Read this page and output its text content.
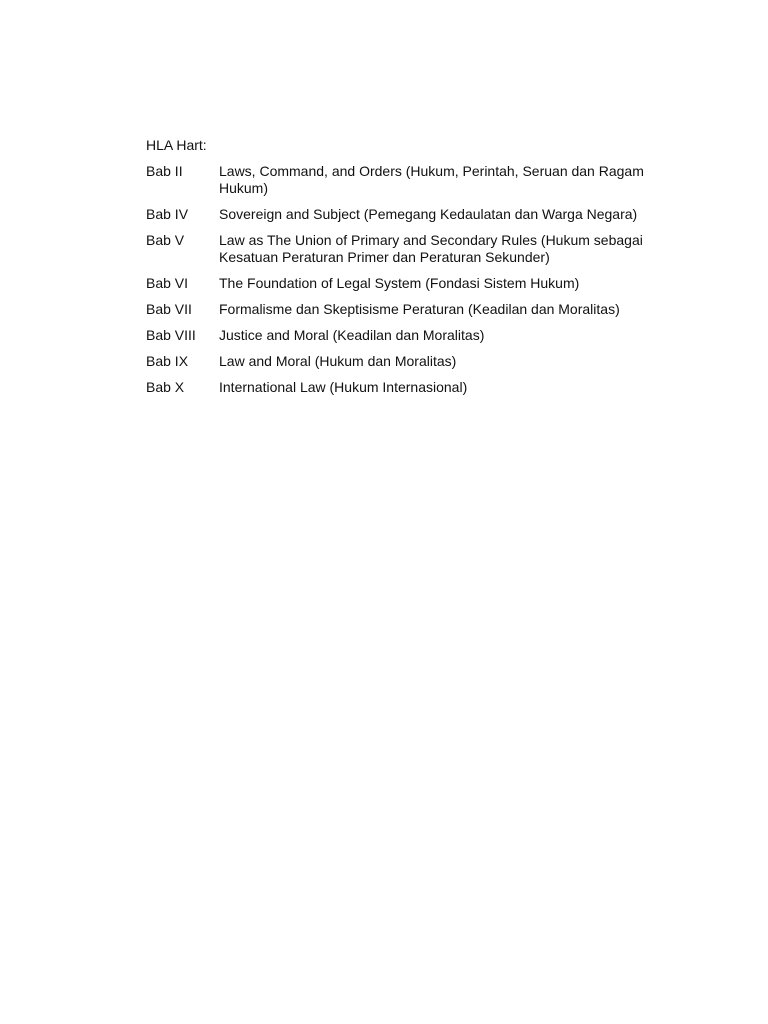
HLA Hart:
Bab II	Laws, Command, and Orders (Hukum, Perintah, Seruan dan Ragam Hukum)
Bab IV	Sovereign and Subject (Pemegang Kedaulatan dan Warga Negara)
Bab V	Law as The Union of Primary and Secondary Rules (Hukum sebagai Kesatuan Peraturan Primer dan Peraturan Sekunder)
Bab VI	The Foundation of Legal System (Fondasi Sistem Hukum)
Bab VII	Formalisme dan Skeptisisme Peraturan (Keadilan dan Moralitas)
Bab VIII	Justice and Moral (Keadilan dan Moralitas)
Bab IX	Law and Moral (Hukum dan Moralitas)
Bab X	International Law (Hukum Internasional)
